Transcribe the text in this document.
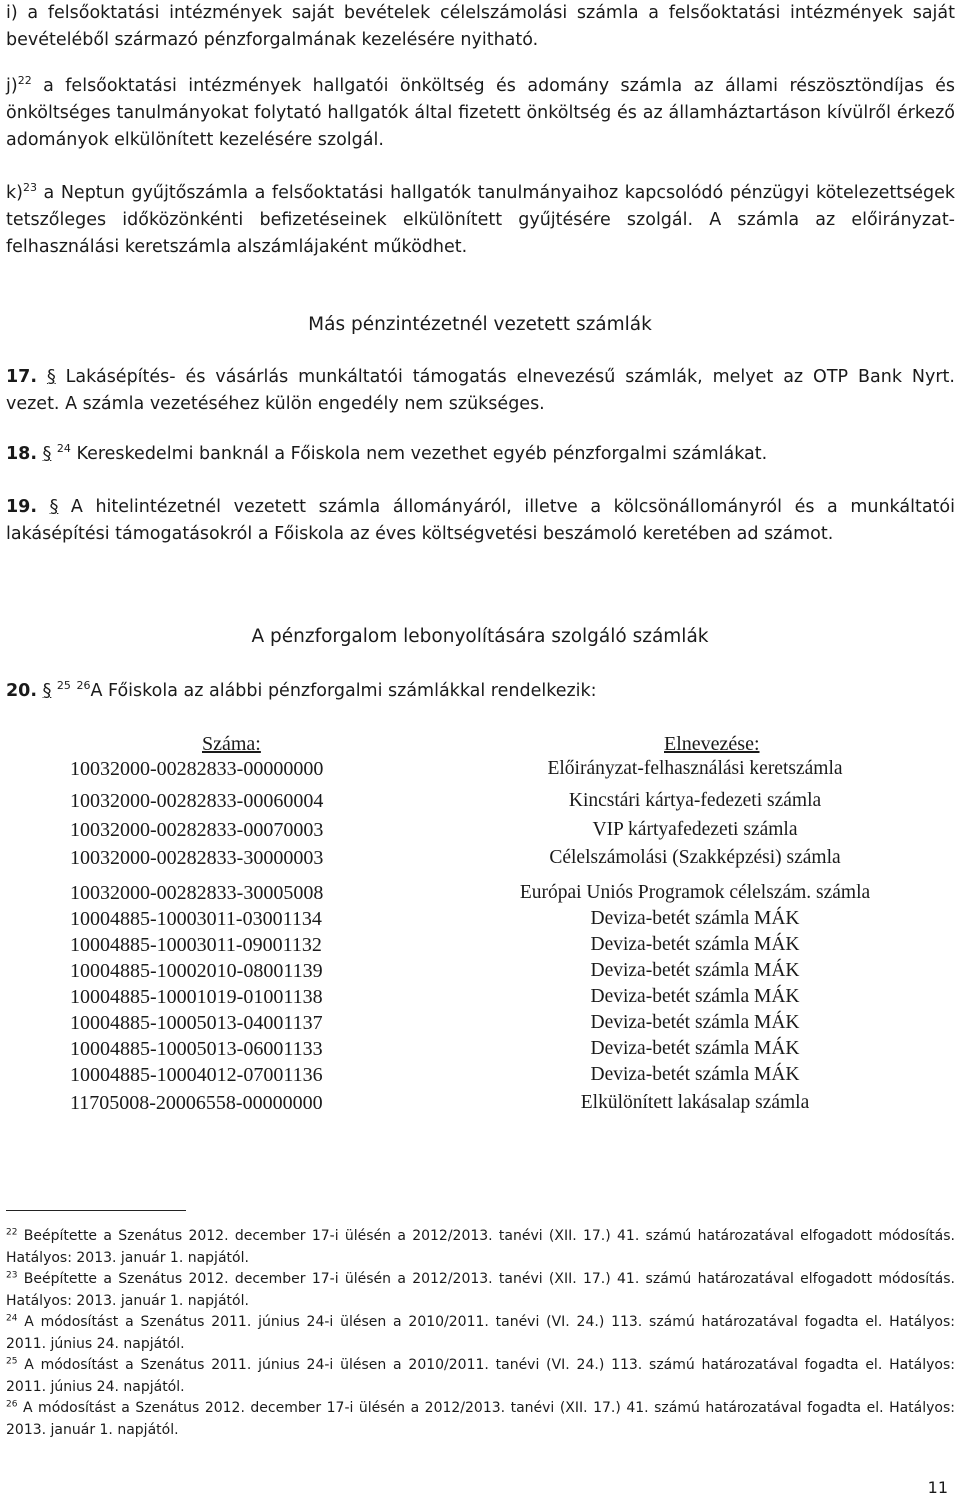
i) a felsőoktatási intézmények saját bevételek célelszámolási számla a felsőoktatási intézmények saját bevételéből származó pénzforgalmának kezelésére nyitható.
j)$^{22}$ a felsőoktatási intézmények hallgatói önköltség és adomány számla az állami részösztöndíjas és önköltséges tanulmányokat folytató hallgatók által fizetett önköltség és az államháztartáson kívülről érkező adományok elkülönített kezelésére szolgál.
k)$^{23}$ a Neptun gyűjtőszámla a felsőoktatási hallgatók tanulmányaihoz kapcsolódó pénzügyi kötelezettségek tetszőleges időközönkénti befizetéseinek elkülönített gyűjtésére szolgál. A számla az előirányzat-felhasználási keretszámla alszámlájaként működhet.
Más pénzintézetnél vezetett számlák
17. § Lakásépítés- és vásárlás munkáltatói támogatás elnevezésű számlák, melyet az OTP Bank Nyrt. vezet. A számla vezetéséhez külön engedély nem szükséges.
18. § $^{24}$ Kereskedelmi banknál a Főiskola nem vezethet egyéb pénzforgalmi számlákat.
19. § A hitelintézetnél vezetett számla állományáról, illetve a kölcsönállományról és a munkáltatói lakásépítési támogatásokról a Főiskola az éves költségvetési beszámoló keretében ad számot.
A pénzforgalom lebonyolítására szolgáló számlák
20. § $^{25}$ $^{26}$A Főiskola az alábbi pénzforgalmi számlákkal rendelkezik:
Száma:	Elnevezése:
10032000-00282833-00000000	Előirányzat-felhasználási keretszámla
10032000-00282833-00060004	Kincstári kártya-fedezeti számla
10032000-00282833-00070003	VIP kártyafedezeti számla
10032000-00282833-30000003	Célelszámolási (Szakképzési) számla
10032000-00282833-30005008	Európai Uniós Programok célelszám. számla
10004885-10003011-03001134	Deviza-betét számla MÁK
10004885-10003011-09001132	Deviza-betét számla MÁK
10004885-10002010-08001139	Deviza-betét számla MÁK
10004885-10001019-01001138	Deviza-betét számla MÁK
10004885-10005013-04001137	Deviza-betét számla MÁK
10004885-10005013-06001133	Deviza-betét számla MÁK
10004885-10004012-07001136	Deviza-betét számla MÁK
11705008-20006558-00000000	Elkülönített lakásalap számla
$^{22}$ Beépítette a Szenátus 2012. december 17-i ülésén a 2012/2013. tanévi (XII. 17.) 41. számú határozatával elfogadott módosítás. Hatályos: 2013. január 1. napjától.
$^{23}$ Beépítette a Szenátus 2012. december 17-i ülésén a 2012/2013. tanévi (XII. 17.) 41. számú határozatával elfogadott módosítás. Hatályos: 2013. január 1. napjától.
$^{24}$ A módosítást a Szenátus 2011. június 24-i ülésen a 2010/2011. tanévi (VI. 24.) 113. számú határozatával fogadta el. Hatályos: 2011. június 24. napjától.
$^{25}$ A módosítást a Szenátus 2011. június 24-i ülésen a 2010/2011. tanévi (VI. 24.) 113. számú határozatával fogadta el. Hatályos: 2011. június 24. napjától.
$^{26}$ A módosítást a Szenátus 2012. december 17-i ülésén a 2012/2013. tanévi (XII. 17.) 41. számú határozatával fogadta el. Hatályos: 2013. január 1. napjától.
11
